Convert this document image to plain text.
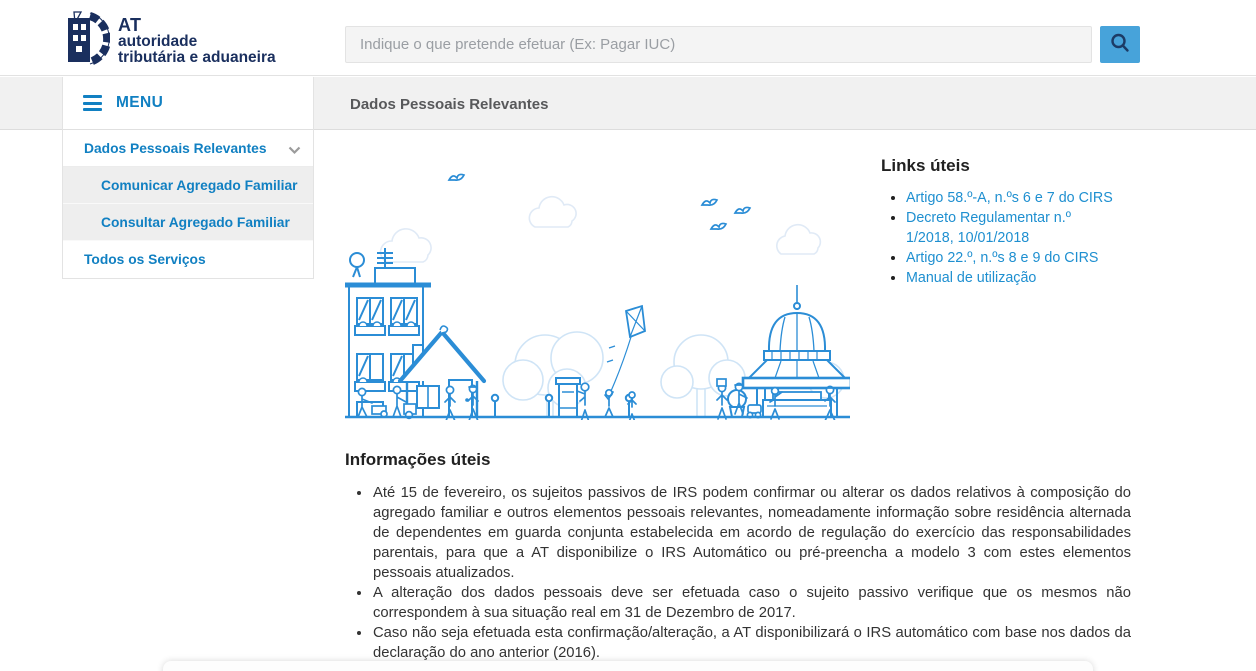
AT
autoridade
tributária e aduaneira
Indique o que pretende efetuar (Ex: Pagar IUC)
Dados Pessoais Relevantes
MENU
Dados Pessoais Relevantes
Comunicar Agregado Familiar
Consultar Agregado Familiar
Todos os Serviços
Links úteis
• Artigo 58.º-A, n.ºs 6 e 7 do CIRS
• Decreto Regulamentar n.º 1/2018, 10/01/2018
• Artigo 22.º, n.ºs 8 e 9 do CIRS
• Manual de utilização
Informações úteis
• Até 15 de fevereiro, os sujeitos passivos de IRS podem confirmar ou alterar os dados relativos à composição do agregado familiar e outros elementos pessoais relevantes, nomeadamente informação sobre residência alternada de dependentes em guarda conjunta estabelecida em acordo de regulação do exercício das responsabilidades parentais, para que a AT disponibilize o IRS Automático ou pré-preencha a modelo 3 com estes elementos pessoais atualizados.
• A alteração dos dados pessoais deve ser efetuada caso o sujeito passivo verifique que os mesmos não correspondem à sua situação real em 31 de Dezembro de 2017.
• Caso não seja efetuada esta confirmação/alteração, a AT disponibilizará o IRS automático com base nos dados da declaração do ano anterior (2016).
